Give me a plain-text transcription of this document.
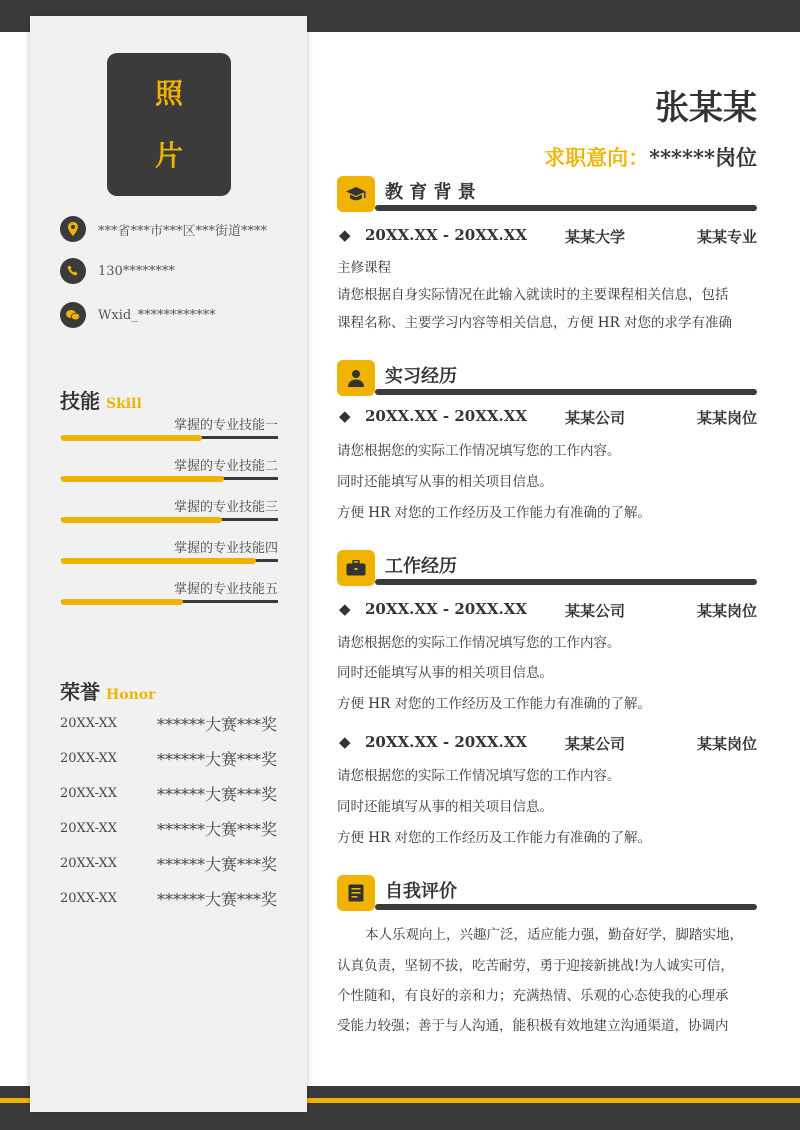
照
片
***省***市***区***街道****
130********
Wxid_************
技能 Skill
掌握的专业技能一
掌握的专业技能二
掌握的专业技能三
掌握的专业技能四
掌握的专业技能五
荣誉 Honor
20XX-XX ******大赛***奖
20XX-XX ******大赛***奖
20XX-XX ******大赛***奖
20XX-XX ******大赛***奖
20XX-XX ******大赛***奖
20XX-XX ******大赛***奖
张某某
求职意向：******岗位
教 育 背 景
◆ 20XX.XX - 20XX.XX	某某大学	某某专业
主修课程
请您根据自身实际情况在此输入就读时的主要课程相关信息，包括
课程名称、主要学习内容等相关信息，方便 HR 对您的求学有准确
实习经历
◆ 20XX.XX - 20XX.XX	某某公司	某某岗位
请您根据您的实际工作情况填写您的工作内容。
同时还能填写从事的相关项目信息。
方便 HR 对您的工作经历及工作能力有准确的了解。
工作经历
◆ 20XX.XX - 20XX.XX	某某公司	某某岗位
请您根据您的实际工作情况填写您的工作内容。
同时还能填写从事的相关项目信息。
方便 HR 对您的工作经历及工作能力有准确的了解。
◆ 20XX.XX - 20XX.XX	某某公司	某某岗位
请您根据您的实际工作情况填写您的工作内容。
同时还能填写从事的相关项目信息。
方便 HR 对您的工作经历及工作能力有准确的了解。
自我评价
本人乐观向上，兴趣广泛，适应能力强，勤奋好学，脚踏实地，
认真负责，坚韧不拔，吃苦耐劳，勇于迎接新挑战!为人诚实可信，
个性随和，有良好的亲和力；充满热情、乐观的心态使我的心理承
受能力较强；善于与人沟通，能积极有效地建立沟通渠道，协调内
